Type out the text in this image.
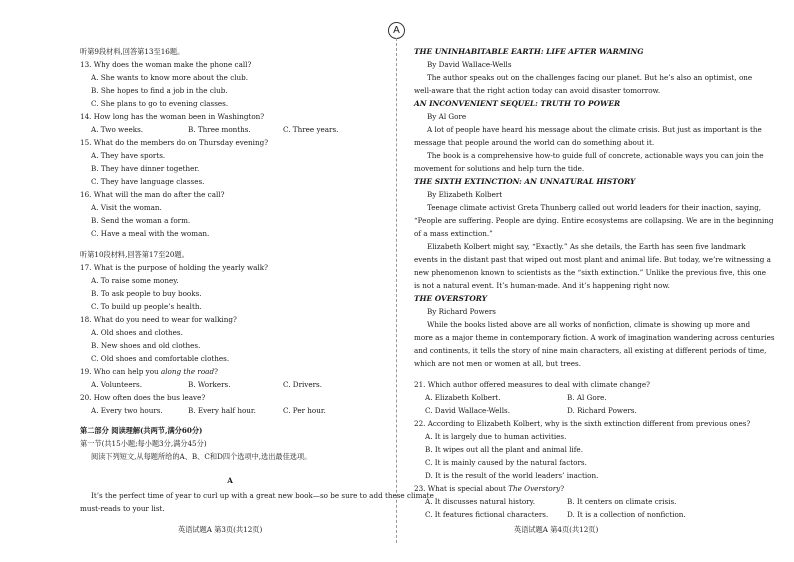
A
听第9段材料,回答第13至16题。
13. Why does the woman make the phone call?
A. She wants to know more about the club.
B. She hopes to find a job in the club.
C. She plans to go to evening classes.
14. How long has the woman been in Washington?
A. Two weeks.	B. Three months.	C. Three years.
15. What do the members do on Thursday evening?
A. They have sports.
B. They have dinner together.
C. They have language classes.
16. What will the man do after the call?
A. Visit the woman.
B. Send the woman a form.
C. Have a meal with the woman.
听第10段材料,回答第17至20题。
17. What is the purpose of holding the yearly walk?
A. To raise some money.
B. To ask people to buy books.
C. To build up people’s health.
18. What do you need to wear for walking?
A. Old shoes and clothes.
B. New shoes and old clothes.
C. Old shoes and comfortable clothes.
19. Who can help you along the road?
A. Volunteers.	B. Workers.	C. Drivers.
20. How often does the bus leave?
A. Every two hours.	B. Every half hour.	C. Per hour.
第二部分 阅读理解(共两节,满分60分)
第一节(共15小题;每小题3分,满分45分)
阅读下列短文,从每题所给的A、B、C和D四个选项中,选出最佳选项。
A
It’s the perfect time of year to curl up with a great new book—so be sure to add these climate
must-reads to your list.
英语试题A 第3页(共12页)
THE UNINHABITABLE EARTH: LIFE AFTER WARMING
By David Wallace-Wells
The author speaks out on the challenges facing our planet. But he’s also an optimist, one
well-aware that the right action today can avoid disaster tomorrow.
AN INCONVENIENT SEQUEL: TRUTH TO POWER
By Al Gore
A lot of people have heard his message about the climate crisis. But just as important is the
message that people around the world can do something about it.
The book is a comprehensive how-to guide full of concrete, actionable ways you can join the
movement for solutions and help turn the tide.
THE SIXTH EXTINCTION: AN UNNATURAL HISTORY
By Elizabeth Kolbert
Teenage climate activist Greta Thunberg called out world leaders for their inaction, saying,
“People are suffering. People are dying. Entire ecosystems are collapsing. We are in the beginning
of a mass extinction.”
Elizabeth Kolbert might say, “Exactly.” As she details, the Earth has seen five landmark
events in the distant past that wiped out most plant and animal life. But today, we’re witnessing a
new phenomenon known to scientists as the “sixth extinction.” Unlike the previous five, this one
is not a natural event. It’s human-made. And it’s happening right now.
THE OVERSTORY
By Richard Powers
While the books listed above are all works of nonfiction, climate is showing up more and
more as a major theme in contemporary fiction. A work of imagination wandering across centuries
and continents, it tells the story of nine main characters, all existing at different periods of time,
which are not men or women at all, but trees.
21. Which author offered measures to deal with climate change?
A. Elizabeth Kolbert.	B. Al Gore.
C. David Wallace-Wells.	D. Richard Powers.
22. According to Elizabeth Kolbert, why is the sixth extinction different from previous ones?
A. It is largely due to human activities.
B. It wipes out all the plant and animal life.
C. It is mainly caused by the natural factors.
D. It is the result of the world leaders’ inaction.
23. What is special about The Overstory?
A. It discusses natural history.	B. It centers on climate crisis.
C. It features fictional characters.	D. It is a collection of nonfiction.
英语试题A 第4页(共12页)
